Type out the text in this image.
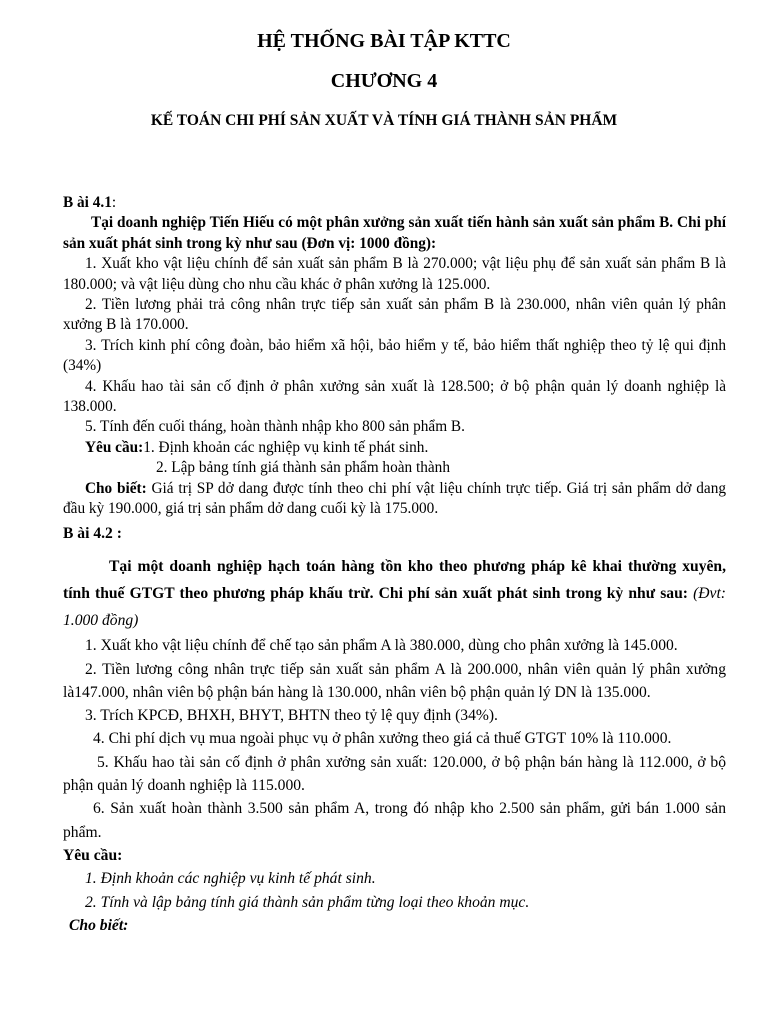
HỆ THỐNG BÀI TẬP KTTC
CHƯƠNG 4
KẾ TOÁN CHI PHÍ SẢN XUẤT VÀ TÍNH GIÁ THÀNH SẢN PHẨM

B ài 4.1:

Tại doanh nghiệp Tiến Hiếu có một phân xưởng sản xuất tiến hành sản xuất sản phẩm B. Chi phí sản xuất phát sinh trong kỳ như sau (Đơn vị: 1000 đồng):

1. Xuất kho vật liệu chính để sản xuất sản phẩm B là 270.000; vật liệu phụ để sản xuất sản phẩm B là 180.000; và vật liệu dùng cho nhu cầu khác ở phân xưởng là 125.000.

2. Tiền lương phải trả công nhân trực tiếp sản xuất sản phẩm B là 230.000, nhân viên quản lý phân xưởng B là 170.000.

3. Trích kinh phí công đoàn, bảo hiểm xã hội, bảo hiểm y tế, bảo hiểm thất nghiệp theo tỷ lệ qui định (34%)

4. Khấu hao tài sản cố định ở phân xưởng sản xuất là 128.500; ở bộ phận quản lý doanh nghiệp là 138.000.

5. Tính đến cuối tháng, hoàn thành nhập kho 800 sản phẩm B.

Yêu cầu:1. Định khoản các nghiệp vụ kinh tế phát sinh.

2. Lập bảng tính giá thành sản phẩm hoàn thành

Cho biết: Giá trị SP dở dang được tính theo chi phí vật liệu chính trực tiếp. Giá trị sản phẩm dở dang đầu kỳ 190.000, giá trị sản phẩm dở dang cuối kỳ là 175.000.

B ài 4.2 :

Tại một doanh nghiệp hạch toán hàng tồn kho theo phương pháp kê khai thường xuyên, tính thuế GTGT theo phương pháp khấu trừ. Chi phí sản xuất phát sinh trong kỳ như sau: (Đvt: 1.000 đồng)

1. Xuất kho vật liệu chính để chế tạo sản phẩm A là 380.000, dùng cho phân xưởng là 145.000.

2. Tiền lương công nhân trực tiếp sản xuất sản phẩm A là 200.000, nhân viên quản lý phân xưởng là147.000, nhân viên bộ phận bán hàng là 130.000, nhân viên bộ phận quản lý DN là 135.000.

3. Trích KPCĐ, BHXH, BHYT, BHTN theo tỷ lệ quy định (34%).

4. Chi phí dịch vụ mua ngoài phục vụ ở phân xưởng theo giá cả thuế GTGT 10% là 110.000.

5. Khấu hao tài sản cố định ở phân xưởng sản xuất: 120.000, ở bộ phận bán hàng là 112.000, ở bộ phận quản lý doanh nghiệp là 115.000.

6. Sản xuất hoàn thành 3.500 sản phẩm A, trong đó nhập kho 2.500 sản phẩm, gửi bán 1.000 sản phẩm.

Yêu cầu:

1. Định khoản các nghiệp vụ kinh tế phát sinh.

2. Tính và lập bảng tính giá thành sản phẩm từng loại theo khoản mục.

Cho biết:
